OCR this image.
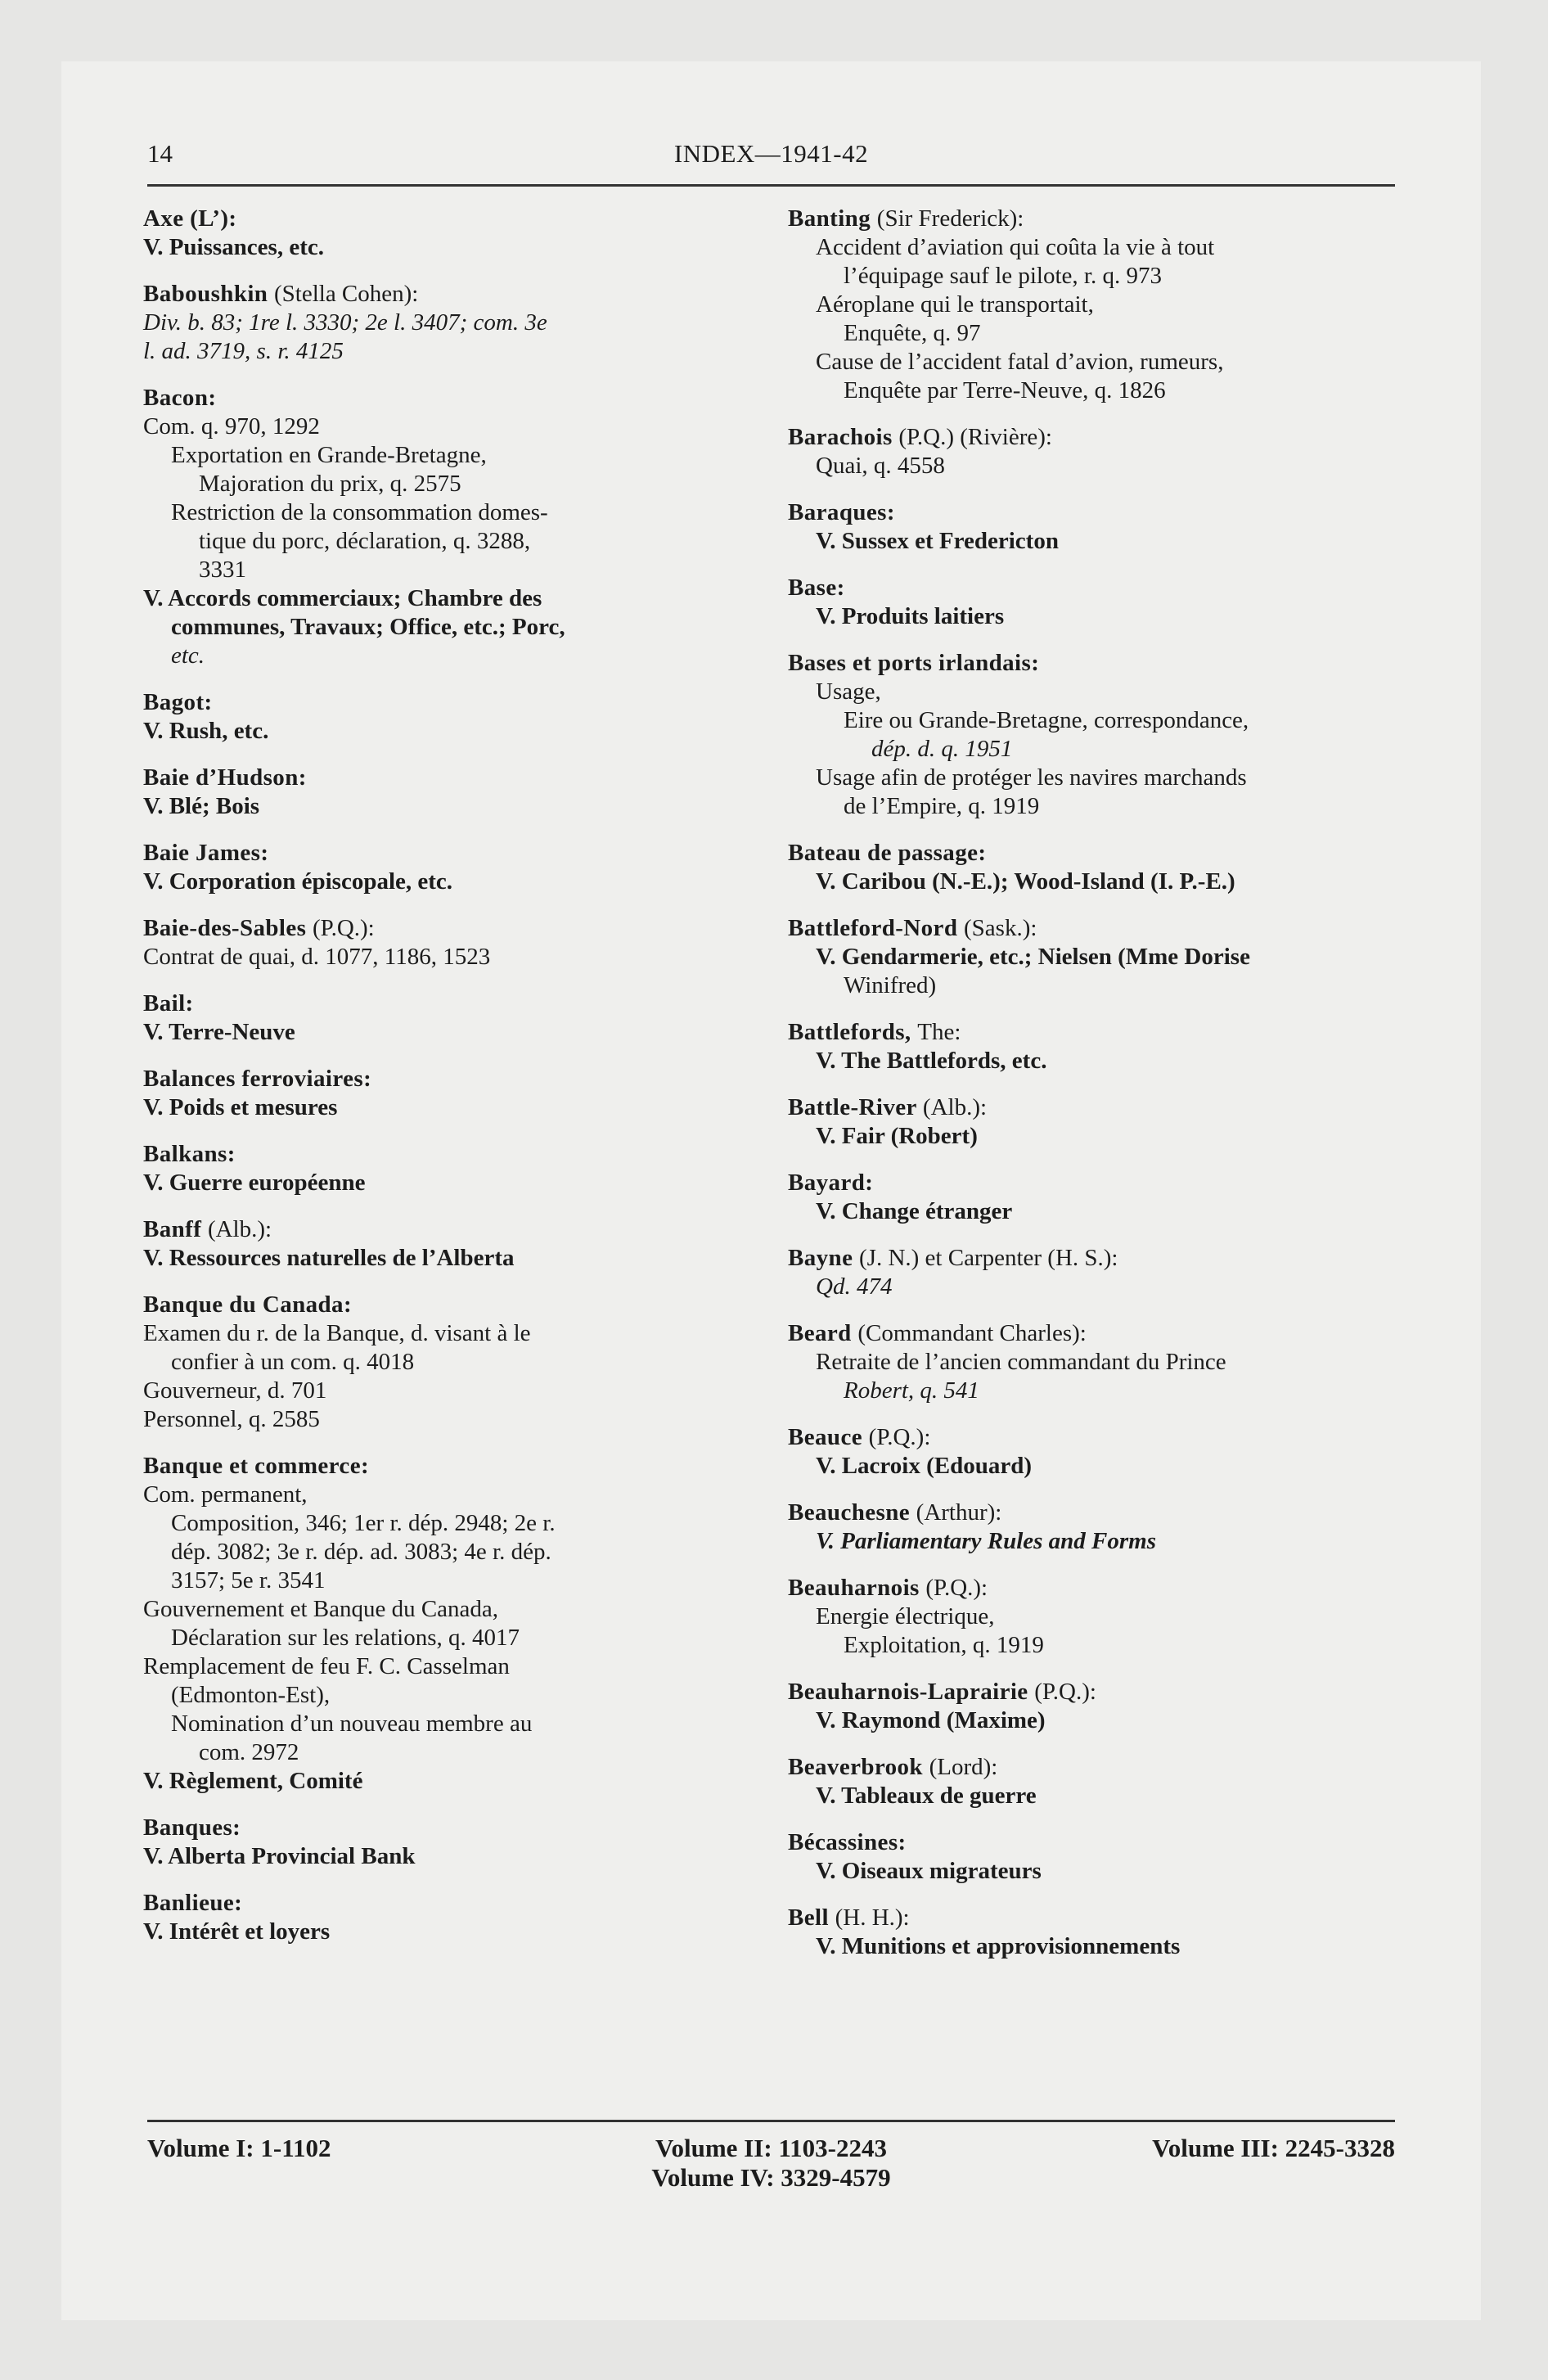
14	INDEX—1941-42
Axe (L’):
V. Puissances, etc.
Baboushkin (Stella Cohen):
Div. b. 83; 1re l. 3330; 2e l. 3407; com. 3e
l. ad. 3719, s. r. 4125
Bacon:
Com. q. 970, 1292
Exportation en Grande-Bretagne,
Majoration du prix, q. 2575
Restriction de la consommation domes-
tique du porc, déclaration, q. 3288,
3331
V. Accords commerciaux; Chambre des
communes, Travaux; Office, etc.; Porc,
etc.
Bagot:
V. Rush, etc.
Baie d’Hudson:
V. Blé; Bois
Baie James:
V. Corporation épiscopale, etc.
Baie-des-Sables (P.Q.):
Contrat de quai, d. 1077, 1186, 1523
Bail:
V. Terre-Neuve
Balances ferroviaires:
V. Poids et mesures
Balkans:
V. Guerre européenne
Banff (Alb.):
V. Ressources naturelles de l’Alberta
Banque du Canada:
Examen du r. de la Banque, d. visant à le
confier à un com. q. 4018
Gouverneur, d. 701
Personnel, q. 2585
Banque et commerce:
Com. permanent,
Composition, 346; 1er r. dép. 2948; 2e r.
dép. 3082; 3e r. dép. ad. 3083; 4e r. dép.
3157; 5e r. 3541
Gouvernement et Banque du Canada,
Déclaration sur les relations, q. 4017
Remplacement de feu F. C. Casselman
(Edmonton-Est),
Nomination d’un nouveau membre au
com. 2972
V. Règlement, Comité
Banques:
V. Alberta Provincial Bank
Banlieue:
V. Intérêt et loyers
Banting (Sir Frederick):
Accident d’aviation qui coûta la vie à tout
l’équipage sauf le pilote, r. q. 973
Aéroplane qui le transportait,
Enquête, q. 97
Cause de l’accident fatal d’avion, rumeurs,
Enquête par Terre-Neuve, q. 1826
Barachois (P.Q.) (Rivière):
Quai, q. 4558
Baraques:
V. Sussex et Fredericton
Base:
V. Produits laitiers
Bases et ports irlandais:
Usage,
Eire ou Grande-Bretagne, correspondance,
dép. d. q. 1951
Usage afin de protéger les navires marchands
de l’Empire, q. 1919
Bateau de passage:
V. Caribou (N.-E.); Wood-Island (I. P.-E.)
Battleford-Nord (Sask.):
V. Gendarmerie, etc.; Nielsen (Mme Dorise
Winifred)
Battlefords, The:
V. The Battlefords, etc.
Battle-River (Alb.):
V. Fair (Robert)
Bayard:
V. Change étranger
Bayne (J. N.) et Carpenter (H. S.):
Qd. 474
Beard (Commandant Charles):
Retraite de l’ancien commandant du Prince
Robert, q. 541
Beauce (P.Q.):
V. Lacroix (Edouard)
Beauchesne (Arthur):
V. Parliamentary Rules and Forms
Beauharnois (P.Q.):
Energie électrique,
Exploitation, q. 1919
Beauharnois-Laprairie (P.Q.):
V. Raymond (Maxime)
Beaverbrook (Lord):
V. Tableaux de guerre
Bécassines:
V. Oiseaux migrateurs
Bell (H. H.):
V. Munitions et approvisionnements
Volume I: 1-1102	Volume II: 1103-2243
Volume IV: 3329-4579
Volume III: 2245-3328
